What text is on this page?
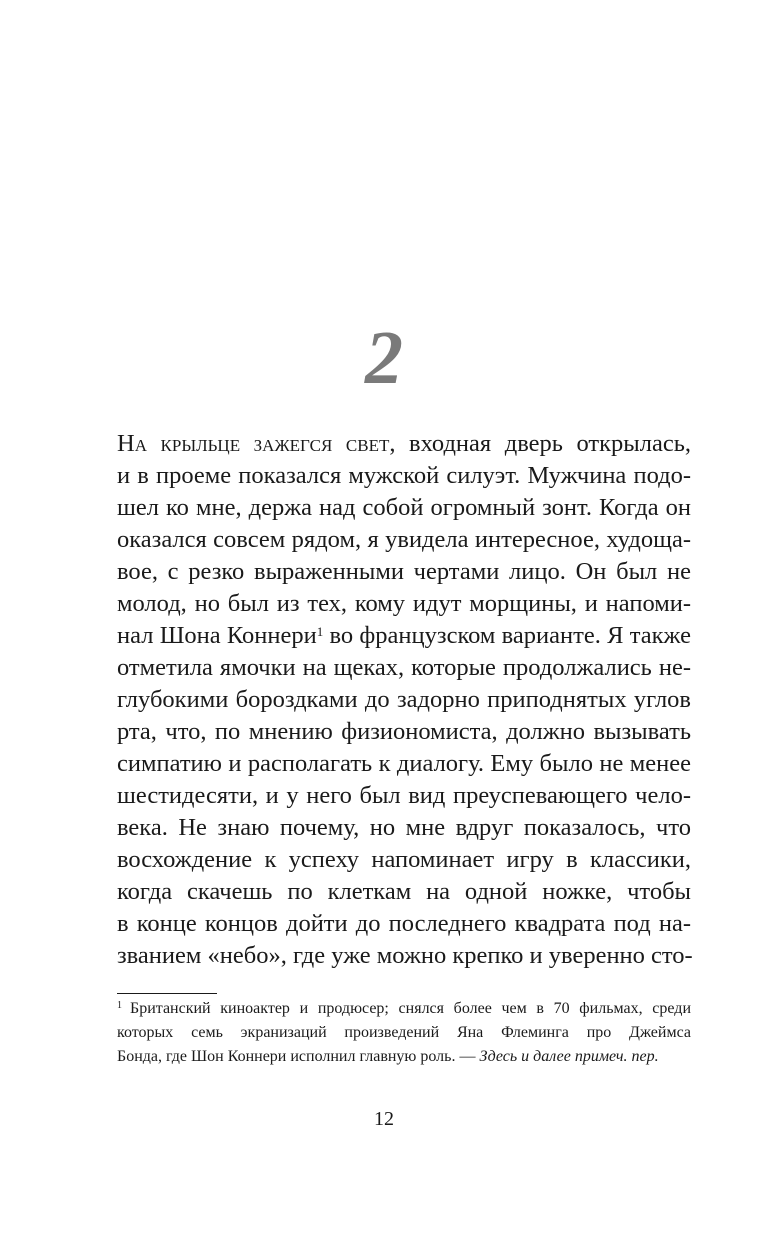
2
На крыльце зажегся свет, входная дверь открылась,
и в проеме показался мужской силуэт. Мужчина подо-
шел ко мне, держа над собой огромный зонт. Когда он
оказался совсем рядом, я увидела интересное, худоща-
вое, с резко выраженными чертами лицо. Он был не
молод, но был из тех, кому идут морщины, и напоми-
нал Шона Коннери$^1$ во французском варианте. Я также
отметила ямочки на щеках, которые продолжались не-
глубокими бороздками до задорно приподнятых углов
рта, что, по мнению физиономиста, должно вызывать
симпатию и располагать к диалогу. Ему было не менее
шестидесяти, и у него был вид преуспевающего чело-
века. Не знаю почему, но мне вдруг показалось, что
восхождение к успеху напоминает игру в классики,
когда скачешь по клеткам на одной ножке, чтобы
в конце концов дойти до последнего квадрата под на-
званием «небо», где уже можно крепко и уверенно сто-
$^1$ Британский киноактер и продюсер; снялся более чем в 70 фильмах, среди
которых семь экранизаций произведений Яна Флеминга про Джеймса
Бонда, где Шон Коннери исполнил главную роль. — Здесь и далее примеч. пер.
12
